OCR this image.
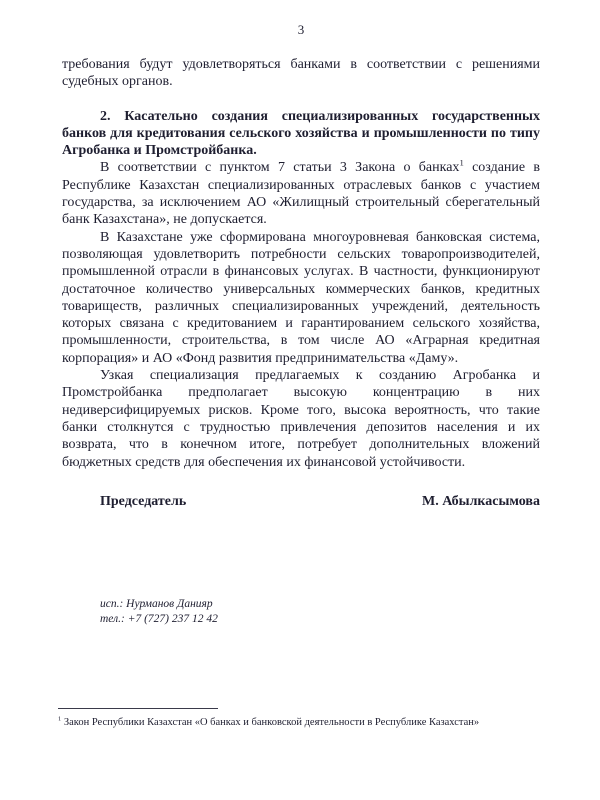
3

требования будут удовлетворяться банками в соответствии с решениями судебных органов.

2. Касательно создания специализированных государственных банков для кредитования сельского хозяйства и промышленности по типу Агробанка и Промстройбанка.

В соответствии с пунктом 7 статьи 3 Закона о банках$^1$ создание в Республике Казахстан специализированных отраслевых банков с участием государства, за исключением АО «Жилищный строительный сберегательный банк Казахстана», не допускается.

В Казахстане уже сформирована многоуровневая банковская система, позволяющая удовлетворить потребности сельских товаропроизводителей, промышленной отрасли в финансовых услугах. В частности, функционируют достаточное количество универсальных коммерческих банков, кредитных товариществ, различных специализированных учреждений, деятельность которых связана с кредитованием и гарантированием сельского хозяйства, промышленности, строительства, в том числе АО «Аграрная кредитная корпорация» и АО «Фонд развития предпринимательства «Даму».

Узкая специализация предлагаемых к созданию Агробанка и Промстройбанка предполагает высокую концентрацию в них недиверсифицируемых рисков. Кроме того, высока вероятность, что такие банки столкнутся с трудностью привлечения депозитов населения и их возврата, что в конечном итоге, потребует дополнительных вложений бюджетных средств для обеспечения их финансовой устойчивости.

Председатель	М. Абылкасымова
исп.: Нурманов Данияр
тел.: +7 (727) 237 12 42
$^1$ Закон Республики Казахстан «О банках и банковской деятельности в Республике Казахстан»
